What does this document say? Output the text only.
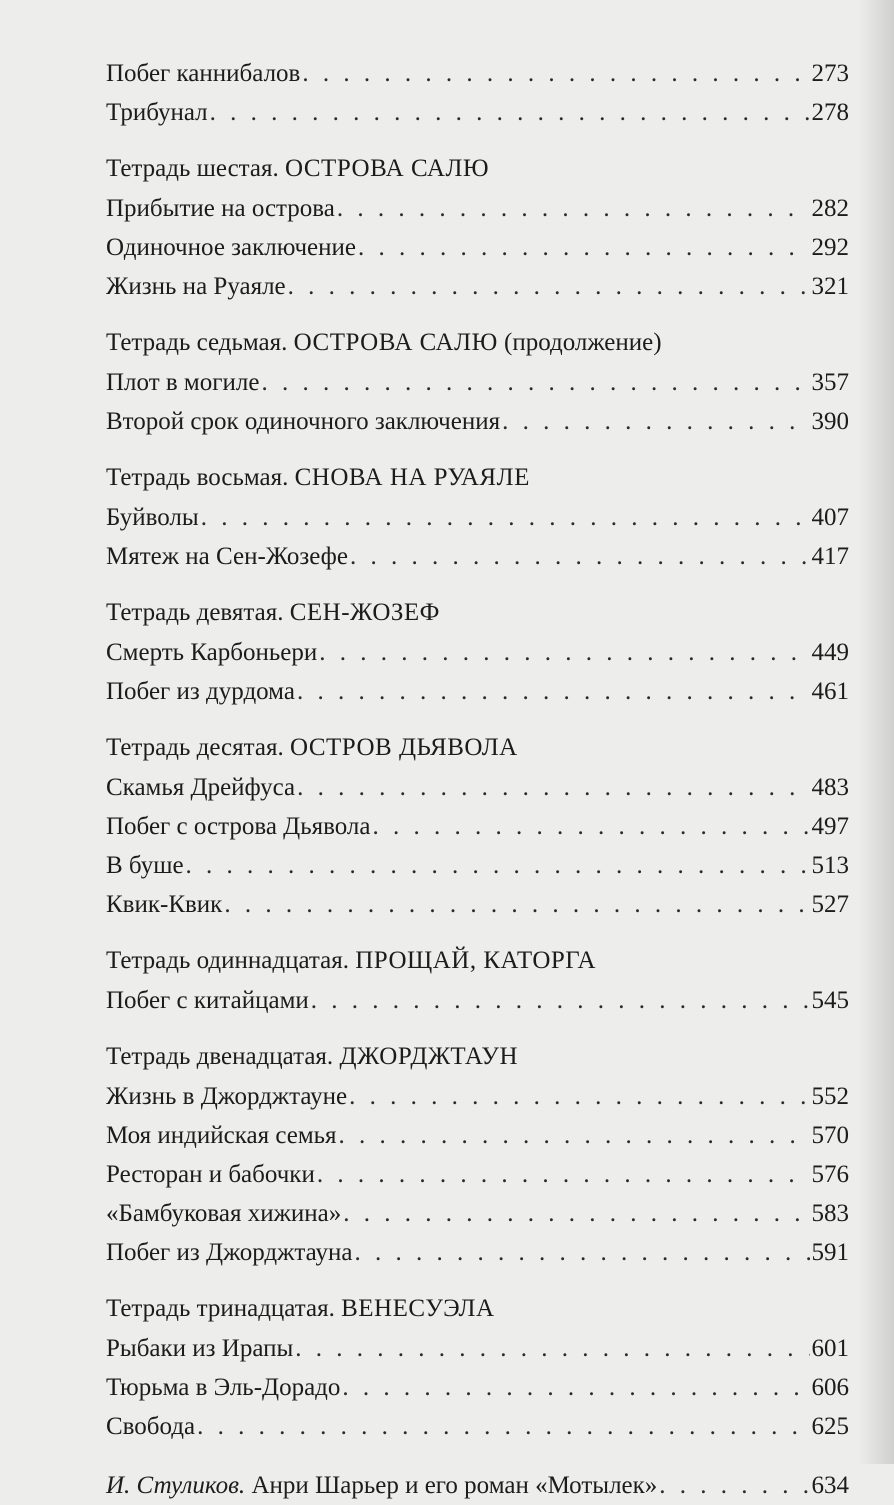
Побег каннибалов . . .	273
Трибунал . . .	278
Тетрадь шестая. ОСТРОВА САЛЮ
Прибытие на острова . . .	282
Одиночное заключение . . .	292
Жизнь на Руаяле . . .	321
Тетрадь седьмая. ОСТРОВА САЛЮ (продолжение)
Плот в могиле . . .	357
Второй срок одиночного заключения . . .	390
Тетрадь восьмая. СНОВА НА РУАЯЛЕ
Буйволы . . .	407
Мятеж на Сен-Жозефе . . .	417
Тетрадь девятая. СЕН-ЖОЗЕФ
Смерть Карбоньери . . .	449
Побег из дурдома . . .	461
Тетрадь десятая. ОСТРОВ ДЬЯВОЛА
Скамья Дрейфуса . . .	483
Побег с острова Дьявола . . .	497
В буше . . .	513
Квик-Квик . . .	527
Тетрадь одиннадцатая. ПРОЩАЙ, КАТОРГА
Побег с китайцами . . .	545
Тетрадь двенадцатая. ДЖОРДЖТАУН
Жизнь в Джорджтауне . . .	552
Моя индийская семья . . .	570
Ресторан и бабочки . . .	576
«Бамбуковая хижина» . . .	583
Побег из Джорджтауна . . .	591
Тетрадь тринадцатая. ВЕНЕСУЭЛА
Рыбаки из Ирапы . . .	601
Тюрьма в Эль-Дорадо . . .	606
Свобода . . .	625
И. Стуликов. Анри Шарьер и его роман «Мотылек» . . .	634
